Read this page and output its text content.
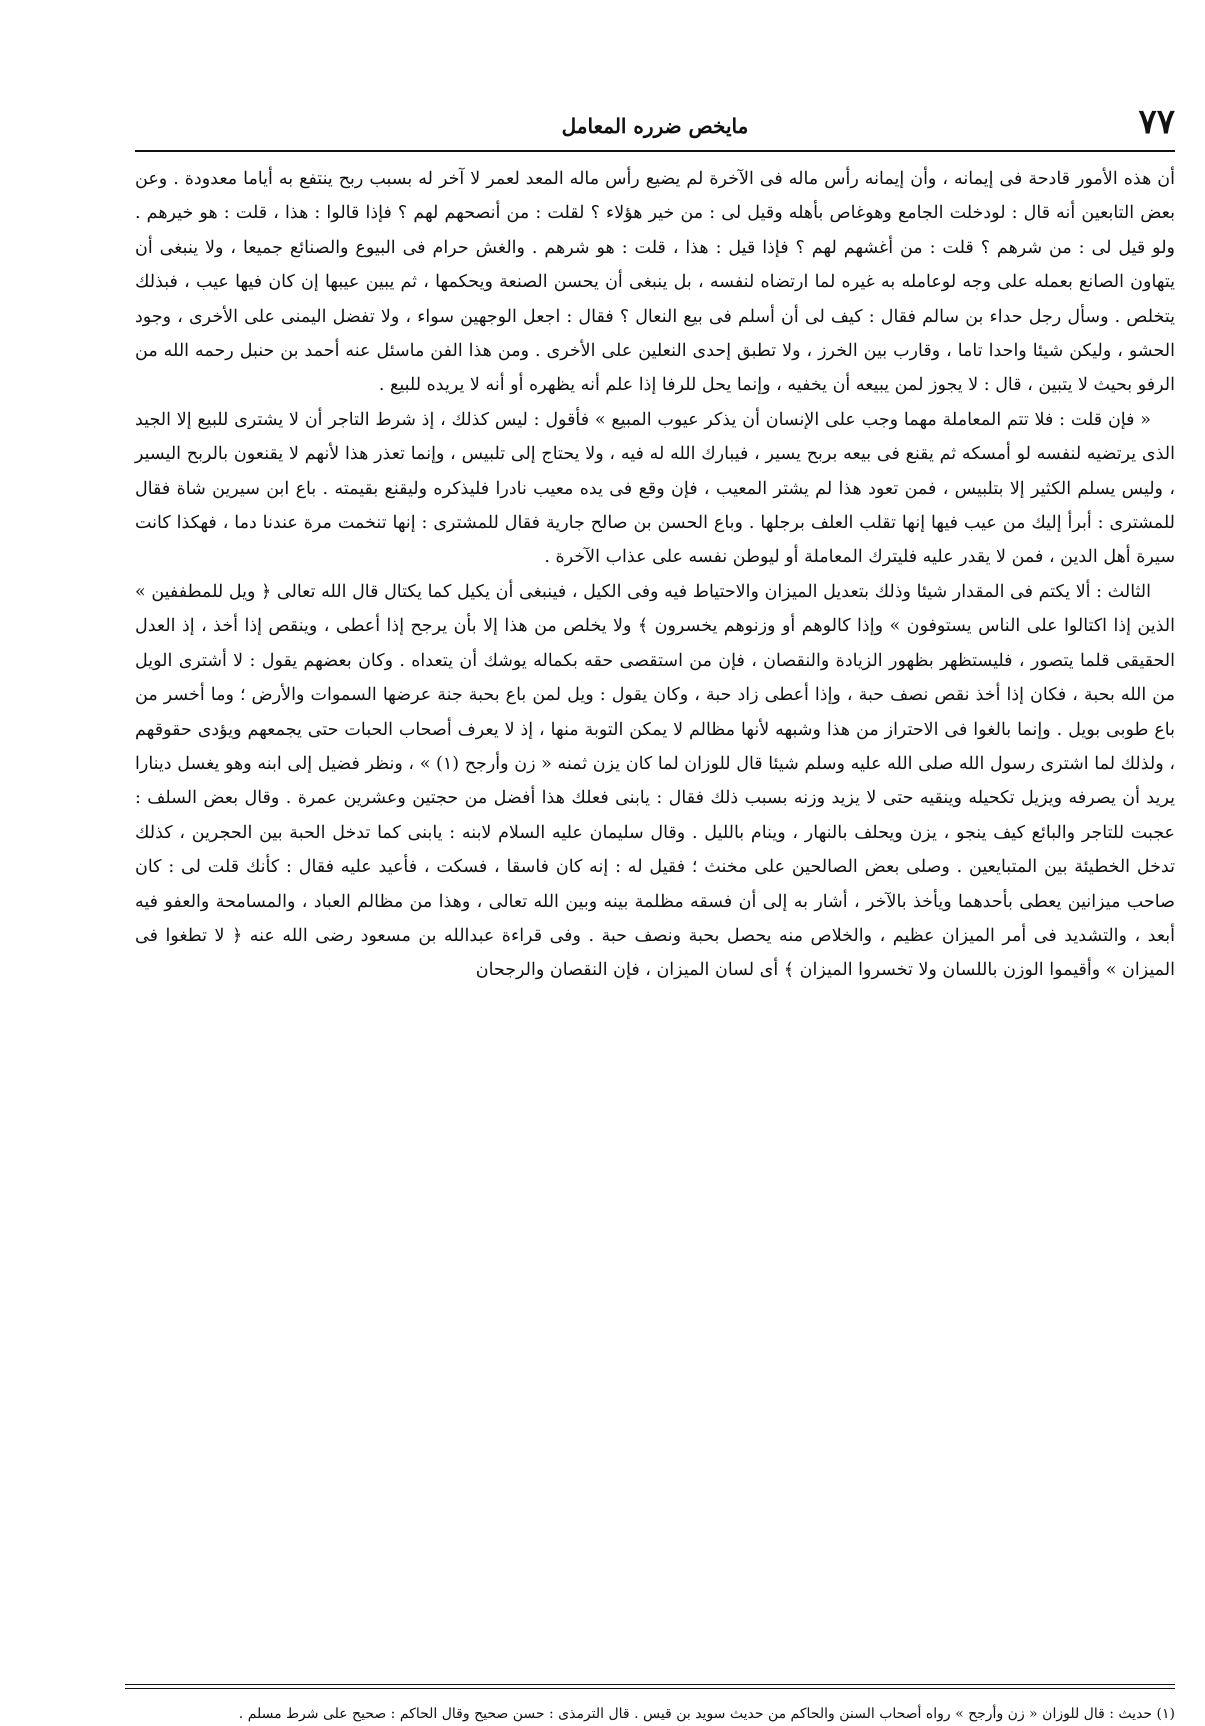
٧٧
مايخص ضرره المعامل

أن هذه الأمور قادحة فى إيمانه ، وأن إيمانه رأس ماله فى الآخرة لم يضيع رأس ماله المعد لعمر لا آخر له بسبب ربح ينتفع به أياما معدودة . وعن بعض التابعين أنه قال : لودخلت الجامع وهوغاص بأهله وقيل لى : من خير هؤلاء ؟ لقلت : من أنصحهم لهم ؟ فإذا قالوا : هذا ، قلت : هو خيرهم . ولو قيل لى : من شرهم ؟ قلت : من أغشهم لهم ؟ فإذا قيل : هذا ، قلت : هو شرهم . والغش حرام فى البيوع والصنائع جميعا ، ولا ينبغى أن يتهاون الصانع بعمله على وجه لوعامله به غيره لما ارتضاه لنفسه ، بل ينبغى أن يحسن الصنعة ويحكمها ، ثم يبين عيبها إن كان فيها عيب ، فبذلك يتخلص . وسأل رجل حداء بن سالم فقال : كيف لى أن أسلم فى بيع النعال ؟ فقال : اجعل الوجهين سواء ، ولا تفضل اليمنى على الأخرى ، وجود الحشو ، وليكن شيئا واحدا تاما ، وقارب بين الخرز ، ولا تطبق إحدى النعلين على الأخرى . ومن هذا الفن ماسئل عنه أحمد بن حنبل رحمه الله من الرفو بحيث لا يتبين ، قال : لا يجوز لمن يبيعه أن يخفيه ، وإنما يحل للرفا إذا علم أنه يظهره أو أنه لا يريده للبيع .

« فإن قلت : فلا تتم المعاملة مهما وجب على الإنسان أن يذكر عيوب المبيع » فأقول : ليس كذلك ، إذ شرط التاجر أن لا يشترى للبيع إلا الجيد الذى يرتضيه لنفسه لو أمسكه ثم يقنع فى بيعه بربح يسير ، فيبارك الله له فيه ، ولا يحتاج إلى تلبيس ، وإنما تعذر هذا لأنهم لا يقنعون بالربح اليسير ، وليس يسلم الكثير إلا بتلبيس ، فمن تعود هذا لم يشتر المعيب ، فإن وقع فى يده معيب نادرا فليذكره وليقنع بقيمته . باع ابن سيرين شاة فقال للمشترى : أبرأ إليك من عيب فيها إنها تقلب العلف برجلها . وباع الحسن بن صالح جارية فقال للمشترى : إنها تنخمت مرة عندنا دما ، فهكذا كانت سيرة أهل الدين ، فمن لا يقدر عليه فليترك المعاملة أو ليوطن نفسه على عذاب الآخرة .

الثالث : ألا يكتم فى المقدار شيئا وذلك بتعديل الميزان والاحتياط فيه وفى الكيل ، فينبغى أن يكيل كما يكتال قال الله تعالى ﴿ ويل للمطففين » الذين إذا اكتالوا على الناس يستوفون » وإذا كالوهم أو وزنوهم يخسرون ﴾ ولا يخلص من هذا إلا بأن يرجح إذا أعطى ، وينقص إذا أخذ ، إذ العدل الحقيقى قلما يتصور ، فليستظهر بظهور الزيادة والنقصان ، فإن من استقصى حقه بكماله يوشك أن يتعداه . وكان بعضهم يقول : لا أشترى الويل من الله بحبة ، فكان إذا أخذ نقص نصف حبة ، وإذا أعطى زاد حبة ، وكان يقول : ويل لمن باع بحبة جنة عرضها السموات والأرض ؛ وما أخسر من باع طوبى بويل . وإنما بالغوا فى الاحتراز من هذا وشبهه لأنها مظالم لا يمكن التوبة منها ، إذ لا يعرف أصحاب الحبات حتى يجمعهم ويؤدى حقوقهم ، ولذلك لما اشترى رسول الله صلى الله عليه وسلم شيئا قال للوزان لما كان يزن ثمنه « زن وأرجح (١) » ، ونظر فضيل إلى ابنه وهو يغسل دينارا يريد أن يصرفه ويزيل تكحيله وينقيه حتى لا يزيد وزنه بسبب ذلك فقال : يابنى فعلك هذا أفضل من حجتين وعشرين عمرة . وقال بعض السلف : عجبت للتاجر والبائع كيف ينجو ، يزن ويحلف بالنهار ، وينام بالليل . وقال سليمان عليه السلام لابنه : يابنى كما تدخل الحبة بين الحجرين ، كذلك تدخل الخطيئة بين المتبايعين . وصلى بعض الصالحين على مخنث ؛ فقيل له : إنه كان فاسقا ، فسكت ، فأعيد عليه فقال : كأنك قلت لى : كان صاحب ميزانين يعطى بأحدهما ويأخذ بالآخر ، أشار به إلى أن فسقه مظلمة بينه وبين الله تعالى ، وهذا من مظالم العباد ، والمسامحة والعفو فيه أبعد ، والتشديد فى أمر الميزان عظيم ، والخلاص منه يحصل بحبة ونصف حبة . وفى قراءة عبدالله بن مسعود رضى الله عنه ﴿ لا تطغوا فى الميزان » وأقيموا الوزن باللسان ولا تخسروا الميزان ﴾ أى لسان الميزان ، فإن النقصان والرجحان

(١) حديث : قال للوزان « زن وأرجح » رواه أصحاب السنن والحاكم من حديث سويد بن قيس . قال الترمذى : حسن صحيح وقال الحاكم : صحيح على شرط مسلم .
